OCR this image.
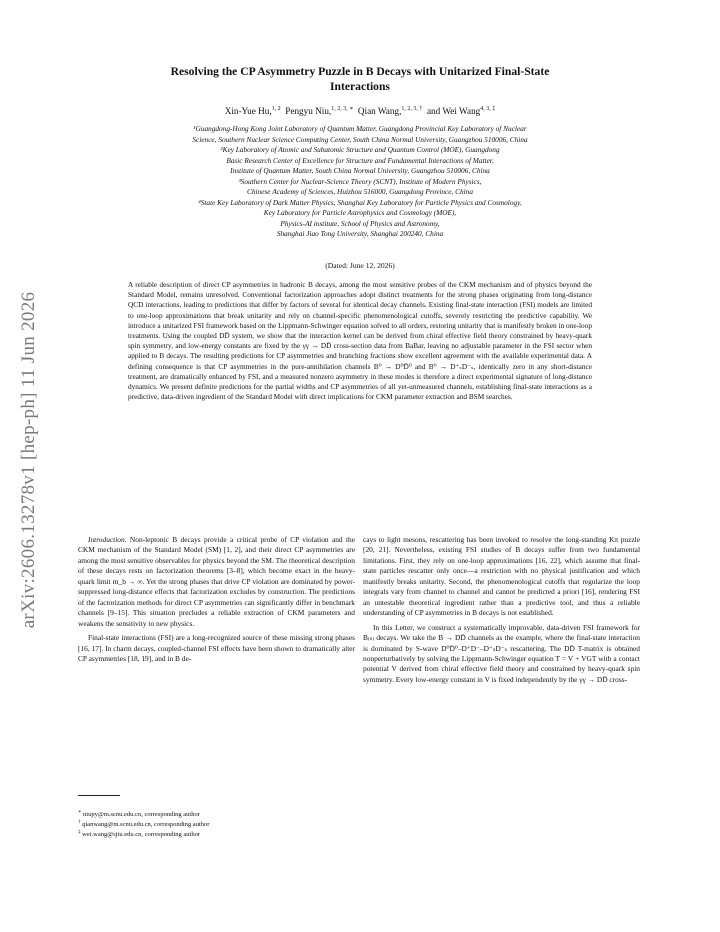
arXiv:2606.13278v1 [hep-ph] 11 Jun 2026
Resolving the CP Asymmetry Puzzle in B Decays with Unitarized Final-State
Interactions
Xin-Yue Hu,$^{1, 2}$ Pengyu Niu,$^{1, 2, 3, ∗}$ Qian Wang,$^{1, 2, 3, \dagger}$ and Wei Wang$^{4, 3, \ddagger}$
¹Guangdong-Hong Kong Joint Laboratory of Quantum Matter, Guangdong Provincial Key Laboratory of Nuclear
Science, Southern Nuclear Science Computing Center, South China Normal University, Guangzhou 510006, China
²Key Laboratory of Atomic and Subatomic Structure and Quantum Control (MOE), Guangdong
Basic Research Center of Excellence for Structure and Fundamental Interactions of Matter,
Institute of Quantum Matter, South China Normal University, Guangzhou 510006, China
³Southern Center for Nuclear-Science Theory (SCNT), Institute of Modern Physics,
Chinese Academy of Sciences, Huizhou 516000, Guangdong Province, China
⁴State Key Laboratory of Dark Matter Physics, Shanghai Key Laboratory for Particle Physics and Cosmology,
Key Laboratory for Particle Astrophysics and Cosmology (MOE),
Physics-AI institute, School of Physics and Astronomy,
Shanghai Jiao Tong University, Shanghai 200240, China
(Dated: June 12, 2026)
A reliable description of direct CP asymmetries in hadronic B decays, among the most sensitive probes of the CKM mechanism and of physics beyond the Standard Model, remains unresolved. Conventional factorization approaches adopt distinct treatments for the strong phases originating from long-distance QCD interactions, leading to predictions that differ by factors of several for identical decay channels. Existing final-state interaction (FSI) models are limited to one-loop approximations that break unitarity and rely on channel-specific phenomenological cutoffs, severely restricting the predictive capability. We introduce a unitarized FSI framework based on the Lippmann-Schwinger equation solved to all orders, restoring unitarity that is manifestly broken in one-loop treatments. Using the coupled DD̄ system, we show that the interaction kernel can be derived from chiral effective field theory constrained by heavy-quark spin symmetry, and low-energy constants are fixed by the γγ → DD̄ cross-section data from BaBar, leaving no adjustable parameter in the FSI sector when applied to B decays. The resulting predictions for CP asymmetries and branching fractions show excellent agreement with the available experimental data. A defining consequence is that CP asymmetries in the pure-annihilation channels B⁰ → D⁰D̄⁰ and B⁰ → D⁺ₛD⁻ₛ, identically zero in any short-distance treatment, are dramatically enhanced by FSI, and a measured nonzero asymmetry in these modes is therefore a direct experimental signature of long-distance dynamics. We present definite predictions for the partial widths and CP asymmetries of all yet-unmeasured channels, establishing final-state interactions as a predictive, data-driven ingredient of the Standard Model with direct implications for CKM parameter extraction and BSM searches.

Introduction. Non-leptonic B decays provide a critical probe of CP violation and the CKM mechanism of the Standard Model (SM) [1, 2], and their direct CP asymmetries are among the most sensitive observables for physics beyond the SM. The theoretical description of these decays rests on factorization theorems [3–8], which become exact in the heavy-quark limit m_b → ∞. Yet the strong phases that drive CP violation are dominated by power-suppressed long-distance effects that factorization excludes by construction. The predictions of the factorization methods for direct CP asymmetries can significantly differ in benchmark channels [9–15]. This situation precludes a reliable extraction of CKM parameters and weakens the sensitivity to new physics.

Final-state interactions (FSI) are a long-recognized source of these missing strong phases [16, 17]. In charm decays, coupled-channel FSI effects have been shown to dramatically alter CP asymmetries [18, 19], and in B de-

cays to light mesons, rescattering has been invoked to resolve the long-standing Kπ puzzle [20, 21]. Nevertheless, existing FSI studies of B decays suffer from two fundamental limitations. First, they rely on one-loop approximations [16, 22], which assume that final-state particles rescatter only once—a restriction with no physical justification and which manifestly breaks unitarity. Second, the phenomenological cutoffs that regularize the loop integrals vary from channel to channel and cannot be predicted a priori [16], rendering FSI an untestable theoretical ingredient rather than a predictive tool, and thus a reliable understanding of CP asymmetries in B decays is not established.

In this Letter, we construct a systematically improvable, data-driven FSI framework for B₍ₛ₎ decays. We take the B → DD̄ channels as the example, where the final-state interaction is dominated by S-wave D⁰D̄⁰–D⁺D⁻–D⁺ₛD⁻ₛ rescattering. The DD̄ T-matrix is obtained nonperturbatively by solving the Lippmann-Schwinger equation T = V + VGT with a contact potential V derived from chiral effective field theory and constrained by heavy-quark spin symmetry. Every low-energy constant in V is fixed independently by the γγ → DD̄ cross-

∗ niupy@m.scnu.edu.cn, corresponding author
† qianwang@m.scnu.edu.cn, corresponding author
‡ wei.wang@sjtu.edu.cn, corresponding author
